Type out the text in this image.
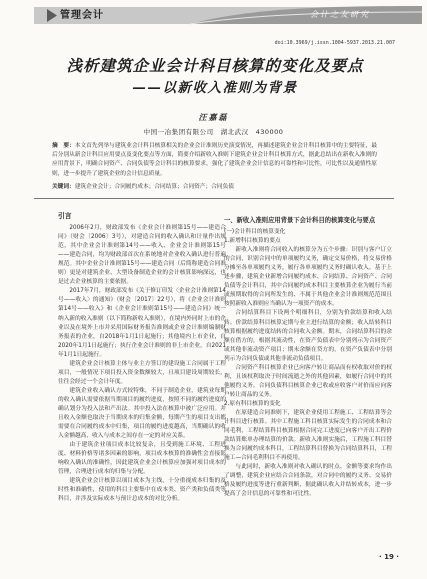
管理会计	会计之友研究
doi:10.3969/j.issn.1004-5937.2013.21.007
浅析建筑企业会计科目核算的变化及要点
——以新收入准则为背景
汪嘉磊
中国一冶集团有限公司　湖北武汉　430000
摘　要：本文首先列举与建筑业会计科目核算相关的企业会计准则历史演变情况，再描述建筑企业会计科目核算中的主要特征，最后分别从新会计科目应用要点及变化要点等方面，简要介绍新收入准则下建筑企业会计科目核算方式，据此总结出在新收入准则的应用背景下，明确合同资产、合同负债等会计科目的核算要求，强化了建筑企业会计信息的可靠性和可比性，可比性以及通情性原则，进一步提升了建筑企业的会计信息质量。
关键词：建筑企业会计；合同履约成本；合同结算；合同资产；合同负债
引言

2006年2月，财政部发布《企业会计准则第15号——建造合同》（财会〔2006〕3号），对建造合同的收入确认和计量作出规范，其中企业会计准则第14号——收入、企业会计准则第15号——建造合同，均为财政部首次在系统地对企业收入确认进行普遍规范。其中企业会计准则第15号——建造合同（后简称建造合同准则）更是对建筑企业、大型设备制造企业的会计核算影响深远，也是过去企业核算的主要依据。

2017年7月，财政部发布《关于修订印发〈企业会计准则第14号——收入〉的通知》（财会〔2017〕22号），将《企业会计准则第14号——收入》和《企业会计准则第15号——建造合同》统一纳入新的收入准则（以下简称新收入准则），在境内外同时上市的企业以及在境外上市并采用国际财务报告准则或企业会计准则编制财务报表的企业，自2018年1月1日起施行；其他境内上市企业，自2020年1月1日起施行；执行企业会计准则的非上市企业，自2021年1月1日起施行。

建筑企业会计核算主体与业主方签订的建设施工合同属于工程项目，一般情况下项目投入资金数额较大，且项目建设周期较长，往往会经过一个会计年度。

建筑企业收入确认方式较特殊，不同于制造企业，建筑业每期的收入确认需要依据当期项目的履约进度，按照不同的履约进度的确认划分为投入法和产出法。其中投入法在核算中被广泛应用。并且收入金额也取决于当期成本的归集金额，每期产生的项目支出都需要在合同履约成本中归集，项目的履约进度越高，当期确认的收入金额越高，收入与成本之间存在一定的对应关系。

由于建筑企业项目成本比较复杂，且受到施工环境、工程进度、材料价格等诸多因素的影响，项目成本核算的准确性会直接影响收入确认的准确性，因此建筑企业会计核算应加强对项目成本的管理，合理进行成本的归集与分配。

建筑企业会计核算以项目成本为主线，十分重视成本归集的及时性和准确性，使用的科目主要集中在成本类、资产类和负债类等科目，并涉及实际成本与预计总成本的对比分析。

一、新收入准则应用背景下会计科目的核算变化与要点
(一)会计科目的核算变化
1.新增科目核算的要点

新收入准则将合同收入的核算分为五个步骤：识别与客户订立的合同，识别合同中的单项履约义务，确定交易价格，将交易价格分摊至各单项履约义务，履行各单项履约义务时确认收入。基于上述步骤，建筑企业新增合同履约成本、合同结算、合同资产、合同负债等会计科目，其中合同履约成本科目主要核算企业为履行当前或预期取得的合同所发生的、不属于其他企业会计准则规范范围且按照新收入准则应当确认为一项资产的成本。

合同结算科目下设两个明细科目，分别为价款结算和收入结转。价款结算科目核算定期与业主进行结算的金额；收入结转科目核算根据履约进度结转的合同收入金额。期末，合同结算科目的余额在借方的，根据其流动性，在资产负债表中分别列示为合同资产或其他非流动资产项目；期末余额在贷方的，在资产负债表中分别列示为合同负债或其他非流动负债项目。

合同资产科目核算企业已向客户转让商品而有权收取对价的权利，且该权利取决于时间流逝之外的其他因素，如履行合同中的其他履约义务。合同负债科目核算企业已收或应收客户对价而应向客户转让商品的义务。

2.原有科目核算的变化

在原建造合同准则下，建筑企业使用工程施工、工程结算等会计科目进行核算。其中工程施工科目核算实际发生的合同成本和合同毛利，工程结算科目核算根据合同完工进度已向客户开出工程价款结算账单办理结算的价款。新收入准则实施后，工程施工科目替换为合同履约成本科目，工程结算科目替换为合同结算科目，工程施工—合同毛利科目不再使用。

与此同时，新收入准则对收入确认的时点、金额等要求均作出了调整，建筑企业应结合合同条款，对合同中的履约义务、交易价格及履约进度等进行重新判断，据此确认收入并结转成本，进一步提高了会计信息的可靠性和可比性。

· 19 ·
